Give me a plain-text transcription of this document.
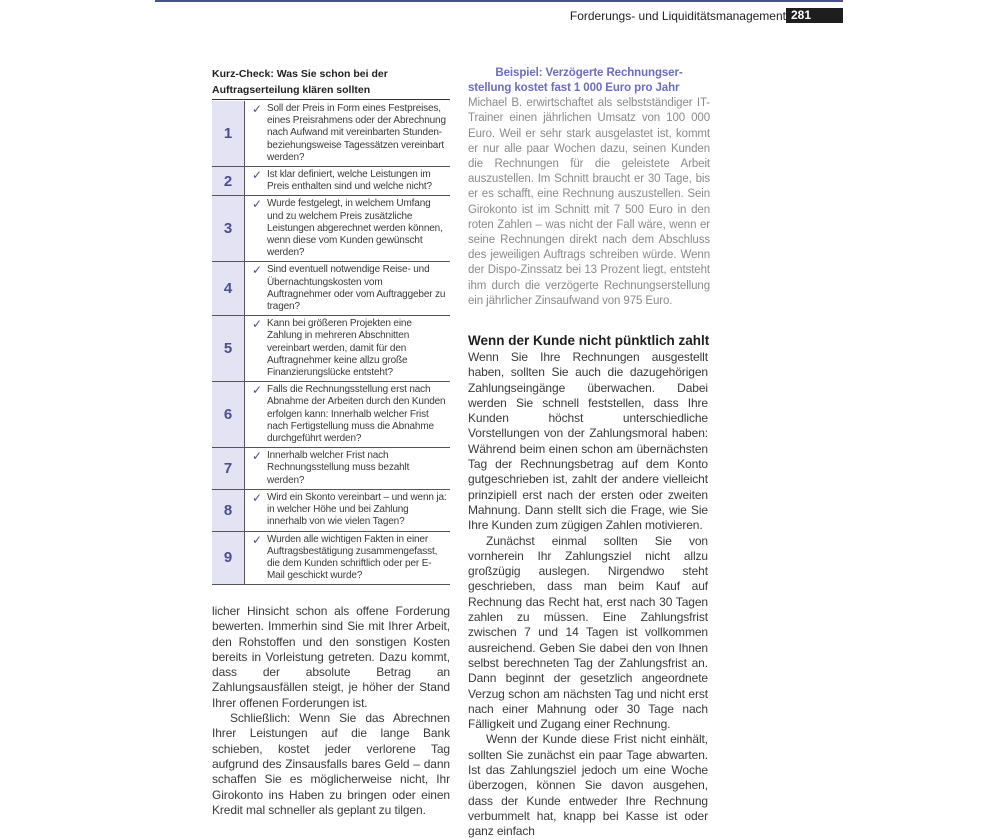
Forderungs- und Liquiditätsmanagement 281
Kurz-Check: Was Sie schon bei der
Auftragserteilung klären sollten
1	✓ Soll der Preis in Form eines Festpreises, eines Preisrahmens oder der Abrechnung nach Aufwand mit vereinbarten Stunden- beziehungsweise Tagessätzen vereinbart werden?

2	✓ Ist klar definiert, welche Leistungen im Preis enthalten sind und welche nicht?

3	✓ Wurde festgelegt, in welchem Umfang und zu welchem Preis zusätzliche Leistungen abgerechnet werden können, wenn diese vom Kunden gewünscht werden?

4	✓ Sind eventuell notwendige Reise- und Übernachtungskosten vom Auftragnehmer oder vom Auftraggeber zu tragen?

5	✓ Kann bei größeren Projekten eine Zahlung in mehreren Abschnitten vereinbart werden, damit für den Auftragnehmer keine allzu große Finanzierungslücke entsteht?

6	✓ Falls die Rechnungsstellung erst nach Abnahme der Arbeiten durch den Kunden erfolgen kann: Innerhalb welcher Frist nach Fertigstellung muss die Abnahme durchgeführt werden?

7	✓ Innerhalb welcher Frist nach Rechnungsstellung muss bezahlt werden?

8	✓ Wird ein Skonto vereinbart – und wenn ja: in welcher Höhe und bei Zahlung innerhalb von wie vielen Tagen?

9	✓ Wurden alle wichtigen Fakten in einer Auftragsbestätigung zusammengefasst, die dem Kunden schriftlich oder per E-Mail geschickt wurde?

licher Hinsicht schon als offene Forderung bewerten. Immerhin sind Sie mit Ihrer Arbeit, den Rohstoffen und den sonstigen Kosten bereits in Vorleistung getreten. Dazu kommt, dass der absolute Betrag an Zahlungsausfällen steigt, je höher der Stand Ihrer offenen Forderungen ist.

Schließlich: Wenn Sie das Abrechnen Ihrer Leistungen auf die lange Bank schieben, kostet jeder verlorene Tag aufgrund des Zinsausfalls bares Geld – dann schaffen Sie es möglicherweise nicht, Ihr Girokonto ins Haben zu bringen oder einen Kredit mal schneller als geplant zu tilgen.

Beispiel: Verzögerte Rechnungser-
stellung kostet fast 1 000 Euro pro Jahr

Michael B. erwirtschaftet als selbstständiger IT-Trainer einen jährlichen Umsatz von 100 000 Euro. Weil er sehr stark ausgelastet ist, kommt er nur alle paar Wochen dazu, seinen Kunden die Rechnungen für die geleistete Arbeit auszustellen. Im Schnitt braucht er 30 Tage, bis er es schafft, eine Rechnung auszustellen. Sein Girokonto ist im Schnitt mit 7 500 Euro in den roten Zahlen – was nicht der Fall wäre, wenn er seine Rechnungen direkt nach dem Abschluss des jeweiligen Auftrags schreiben würde. Wenn der Dispo-Zinssatz bei 13 Prozent liegt, entsteht ihm durch die verzögerte Rechnungserstellung ein jährlicher Zinsaufwand von 975 Euro.

Wenn der Kunde nicht pünktlich zahlt

Wenn Sie Ihre Rechnungen ausgestellt haben, sollten Sie auch die dazugehörigen Zahlungseingänge überwachen. Dabei werden Sie schnell feststellen, dass Ihre Kunden höchst unterschiedliche Vorstellungen von der Zahlungsmoral haben: Während beim einen schon am übernächsten Tag der Rechnungsbetrag auf dem Konto gutgeschrieben ist, zahlt der andere vielleicht prinzipiell erst nach der ersten oder zweiten Mahnung. Dann stellt sich die Frage, wie Sie Ihre Kunden zum zügigen Zahlen motivieren.

Zunächst einmal sollten Sie von vornherein Ihr Zahlungsziel nicht allzu großzügig auslegen. Nirgendwo steht geschrieben, dass man beim Kauf auf Rechnung das Recht hat, erst nach 30 Tagen zahlen zu müssen. Eine Zahlungsfrist zwischen 7 und 14 Tagen ist vollkommen ausreichend. Geben Sie dabei den von Ihnen selbst berechneten Tag der Zahlungsfrist an. Dann beginnt der gesetzlich angeordnete Verzug schon am nächsten Tag und nicht erst nach einer Mahnung oder 30 Tage nach Fälligkeit und Zugang einer Rechnung.

Wenn der Kunde diese Frist nicht einhält, sollten Sie zunächst ein paar Tage abwarten. Ist das Zahlungsziel jedoch um eine Woche überzogen, können Sie davon ausgehen, dass der Kunde entweder Ihre Rechnung verbummelt hat, knapp bei Kasse ist oder ganz einfach
